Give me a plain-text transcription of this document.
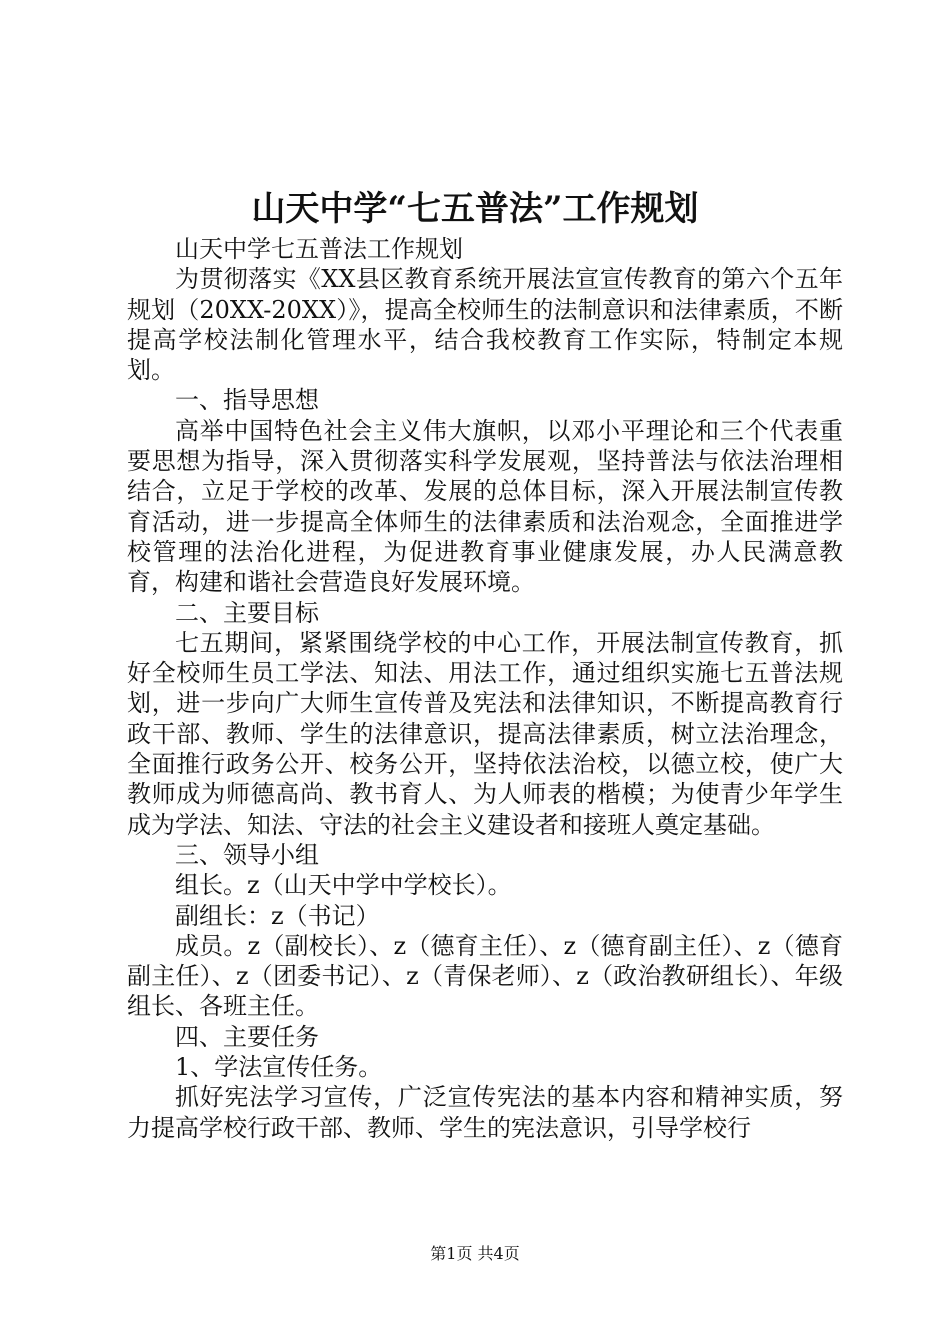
山天中学“七五普法”工作规划

山天中学七五普法工作规划

为贯彻落实《XX县区教育系统开展法宣宣传教育的第六个五年规划（20XX-20XX）》，提高全校师生的法制意识和法律素质，不断提高学校法制化管理水平，结合我校教育工作实际，特制定本规划。

一、指导思想

高举中国特色社会主义伟大旗帜，以邓小平理论和三个代表重要思想为指导，深入贯彻落实科学发展观，坚持普法与依法治理相结合，立足于学校的改革、发展的总体目标，深入开展法制宣传教育活动，进一步提高全体师生的法律素质和法治观念，全面推进学校管理的法治化进程，为促进教育事业健康发展，办人民满意教育，构建和谐社会营造良好发展环境。

二、主要目标

七五期间，紧紧围绕学校的中心工作，开展法制宣传教育，抓好全校师生员工学法、知法、用法工作，通过组织实施七五普法规划，进一步向广大师生宣传普及宪法和法律知识，不断提高教育行政干部、教师、学生的法律意识，提高法律素质，树立法治理念，全面推行政务公开、校务公开，坚持依法治校，以德立校，使广大教师成为师德高尚、教书育人、为人师表的楷模；为使青少年学生成为学法、知法、守法的社会主义建设者和接班人奠定基础。

三、领导小组

组长。z（山天中学中学校长）。

副组长：z（书记）

成员。z（副校长）、z（德育主任）、z（德育副主任）、z（德育副主任）、z（团委书记）、z（青保老师）、z（政治教研组长）、年级组长、各班主任。

四、主要任务

1、学法宣传任务。

抓好宪法学习宣传，广泛宣传宪法的基本内容和精神实质，努力提高学校行政干部、教师、学生的宪法意识，引导学校行

第1页 共4页
